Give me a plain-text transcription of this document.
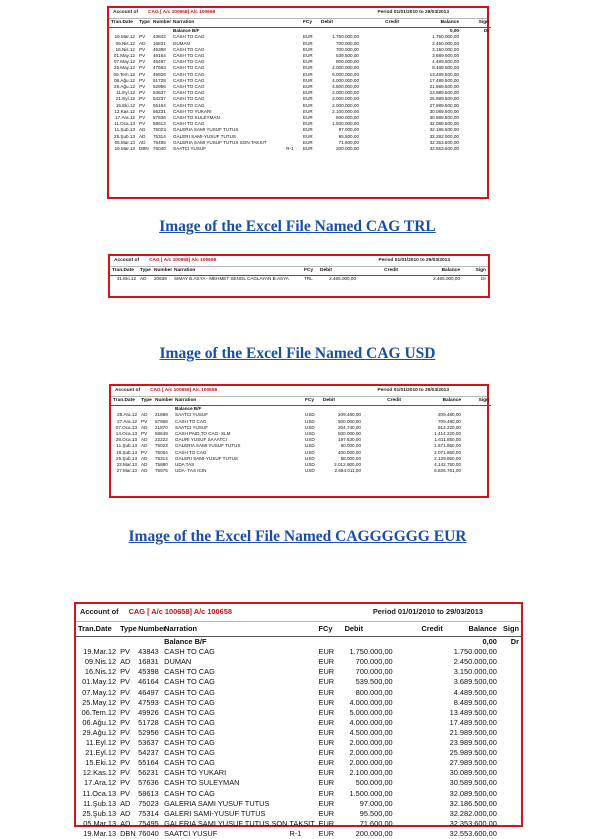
Account of CAG [ A/c 100658] A/c 100658	Period 01/01/2010 to 29/03/2013
Tran.Date	Type	Number	Narration		FCy	Debit	Credit	Balance	Sign
			Balance B/F					0,00	Dr
19.Mar.12	PV	43843	CASH TO CAG		EUR	1.750.000,00		1.750.000,00	
09.Nis.12	AD	16831	DUMAN		EUR	700.000,00		2.450.000,00	
16.Nis.12	PV	45398	CASH TO CAG		EUR	700.000,00		3.150.000,00	
01.May.12	PV	46164	CASH TO CAG		EUR	539.500,00		3.689.500,00	
07.May.12	PV	46497	CASH TO CAG		EUR	800.000,00		4.489.500,00	
25.May.12	PV	47593	CASH TO CAG		EUR	4.000.000,00		8.489.500,00	
06.Tem.12	PV	49926	CASH TO CAG		EUR	5.000.000,00		13.489.500,00	
06.Ağu.12	PV	51728	CASH TO CAG		EUR	4.000.000,00		17.489.500,00	
29.Ağu.12	PV	52956	CASH TO CAG		EUR	4.500.000,00		21.989.500,00	
11.Eyl.12	PV	53637	CASH TO CAG		EUR	2.000.000,00		23.989.500,00	
21.Eyl.12	PV	54237	CASH TO CAG		EUR	2.000.000,00		25.989.500,00	
15.Eki.12	PV	55164	CASH TO CAG		EUR	2.000.000,00		27.989.500,00	
12.Kas.12	PV	56231	CASH TO YUKARI		EUR	2.100.000,00		30.089.500,00	
17.Ara.12	PV	57636	CASH TO SULEYMAN		EUR	500.000,00		30.589.500,00	
11.Oca.13	PV	58613	CASH TO CAG		EUR	1.500.000,00		32.089.500,00	
11.Şub.13	AD	75023	GALERIA SAMI YUSUF TUTUS		EUR	97.000,00		32.186.500,00	
25.Şub.13	AD	75314	GALERI SAMI-YUSUF TUTUS		EUR	95.500,00		32.282.000,00	
05.Mar.13	AD	75495	GALERIA SAMI YUSUF TUTUS SON TAKSIT		EUR	71.600,00		32.353.600,00	
19.Mar.13	DBN	76040	SAATCI YUSUF	R-1	EUR	200.000,00		32.553.600,00	
Image of the Excel File Named CAG TRL
Account of CAG [ A/c 100658] A/c 100658	Period 01/01/2010 to 29/03/2013
Tran.Date	Type	Number	Narration		FCy	Debit	Credit	Balance	Sign
31.Eki.12	AD	20639	SIMAY B.ASYA - MEHMET SENOL CAGLAYAN B.ASYA		TRL	2.465.000,00		2.465.000,00	Dr
Image of the Excel File Named CAG USD
Account of CAG [ A/c 100658] A/c 100658	Period 01/01/2010 to 29/03/2013
Tran.Date	Type	Number	Narration		FCy	Debit	Credit	Balance	Sign
			Balance B/F						
25.Ara.12	AD	21869	SAATCI YUSUF		USD	209.480,00		209.480,00	
27.Ara.12	PV	57968	CASH TO CAG		USD	500.000,00		709.480,00	
07.Oca.13	AD	21870	SAATCI YUSUF		USD	204.740,00		914.220,00	
14.Oca.13	PV	58649	CASH PAID,TO CAG- SLM		USD	500.000,00		1.414.220,00	
28.Oca.13	AD	22222	GAURI YUSUF SAAATCI		USD	197.630,00		1.611.850,00	
11.Şub.13	AD	75023	GALERIA SAMI YUSUF TUTUS		USD	60.000,00		1.671.850,00	
18.Şub.13	PV	75054	CASH TO CAG		USD	400.000,00		2.071.850,00	
25.Şub.13	AD	75314	GALERI SAMI-YUSUF TUTUS		USD	58.000,00		2.129.850,00	
22.Mar.13	AD	75880	UDA TAS		USD	2.012.900,00		4.142.750,00	
27.Mar.13	AD	75975	UDA- TAS ICIN		USD	2.684.011,00		6.826.761,00	
Image of the Excel File Named CAGGGGGG EUR
Account of CAG [ A/c 100658] A/c 100658	Period 01/01/2010 to 29/03/2013
Tran.Date	Type	Number	Narration		FCy	Debit	Credit	Balance	Sign
			Balance B/F					0,00	Dr
19.Mar.12	PV	43843	CASH TO CAG		EUR	1.750.000,00		1.750.000,00	
09.Nis.12	AD	16831	DUMAN		EUR	700.000,00		2.450.000,00	
16.Nis.12	PV	45398	CASH TO CAG		EUR	700.000,00		3.150.000,00	
01.May.12	PV	46164	CASH TO CAG		EUR	539.500,00		3.689.500,00	
07.May.12	PV	46497	CASH TO CAG		EUR	800.000,00		4.489.500,00	
25.May.12	PV	47593	CASH TO CAG		EUR	4.000.000,00		8.489.500,00	
06.Tem.12	PV	49926	CASH TO CAG		EUR	5.000.000,00		13.489.500,00	
06.Ağu.12	PV	51728	CASH TO CAG		EUR	4.000.000,00		17.489.500,00	
29.Ağu.12	PV	52956	CASH TO CAG		EUR	4.500.000,00		21.989.500,00	
11.Eyl.12	PV	53637	CASH TO CAG		EUR	2.000.000,00		23.989.500,00	
21.Eyl.12	PV	54237	CASH TO CAG		EUR	2.000.000,00		25.989.500,00	
15.Eki.12	PV	55164	CASH TO CAG		EUR	2.000.000,00		27.989.500,00	
12.Kas.12	PV	56231	CASH TO YUKARI		EUR	2.100.000,00		30.089.500,00	
17.Ara.12	PV	57636	CASH TO SULEYMAN		EUR	500.000,00		30.589.500,00	
11.Oca.13	PV	58613	CASH TO CAG		EUR	1.500.000,00		32.089.500,00	
11.Şub.13	AD	75023	GALERIA SAMI YUSUF TUTUS		EUR	97.000,00		32.186.500,00	
25.Şub.13	AD	75314	GALERI SAMI-YUSUF TUTUS		EUR	95.500,00		32.282.000,00	
05.Mar.13	AD	75495	GALERIA SAMI YUSUF TUTUS SON TAKSIT		EUR	71.600,00		32.353.600,00	
19.Mar.13	DBN	76040	SAATCI YUSUF	R-1	EUR	200.000,00		32.553.600,00	
